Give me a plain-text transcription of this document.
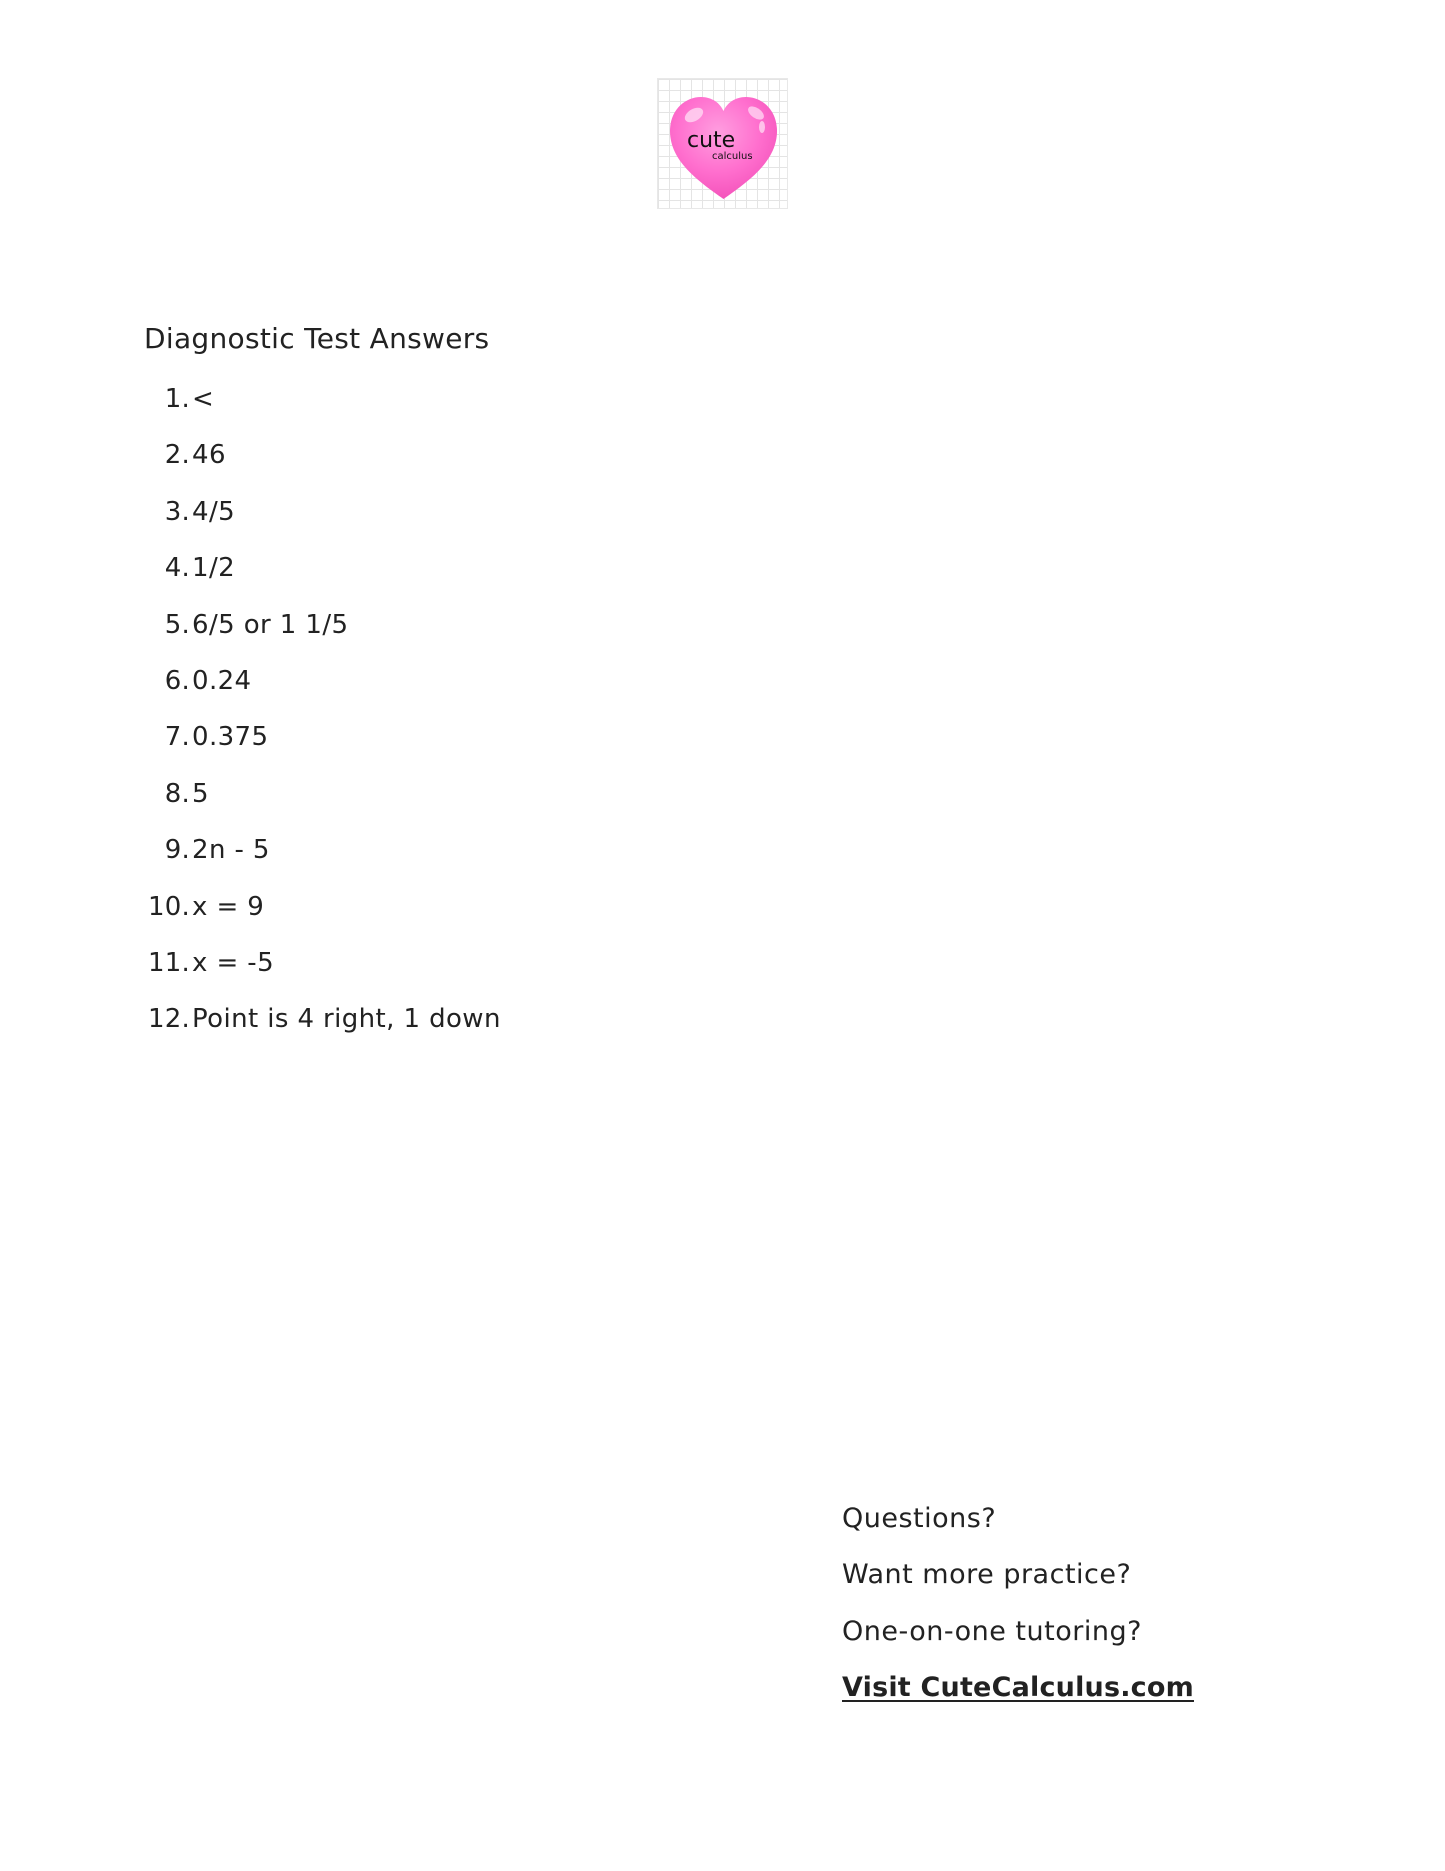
cute
calculus
Diagnostic Test Answers
1. <
2. 46
3. 4/5
4. 1/2
5. 6/5 or 1 1/5
6. 0.24
7. 0.375
8. 5
9. 2n - 5
10. x = 9
11. x = -5
12. Point is 4 right, 1 down
Questions?
Want more practice?
One-on-one tutoring?
Visit CuteCalculus.com
